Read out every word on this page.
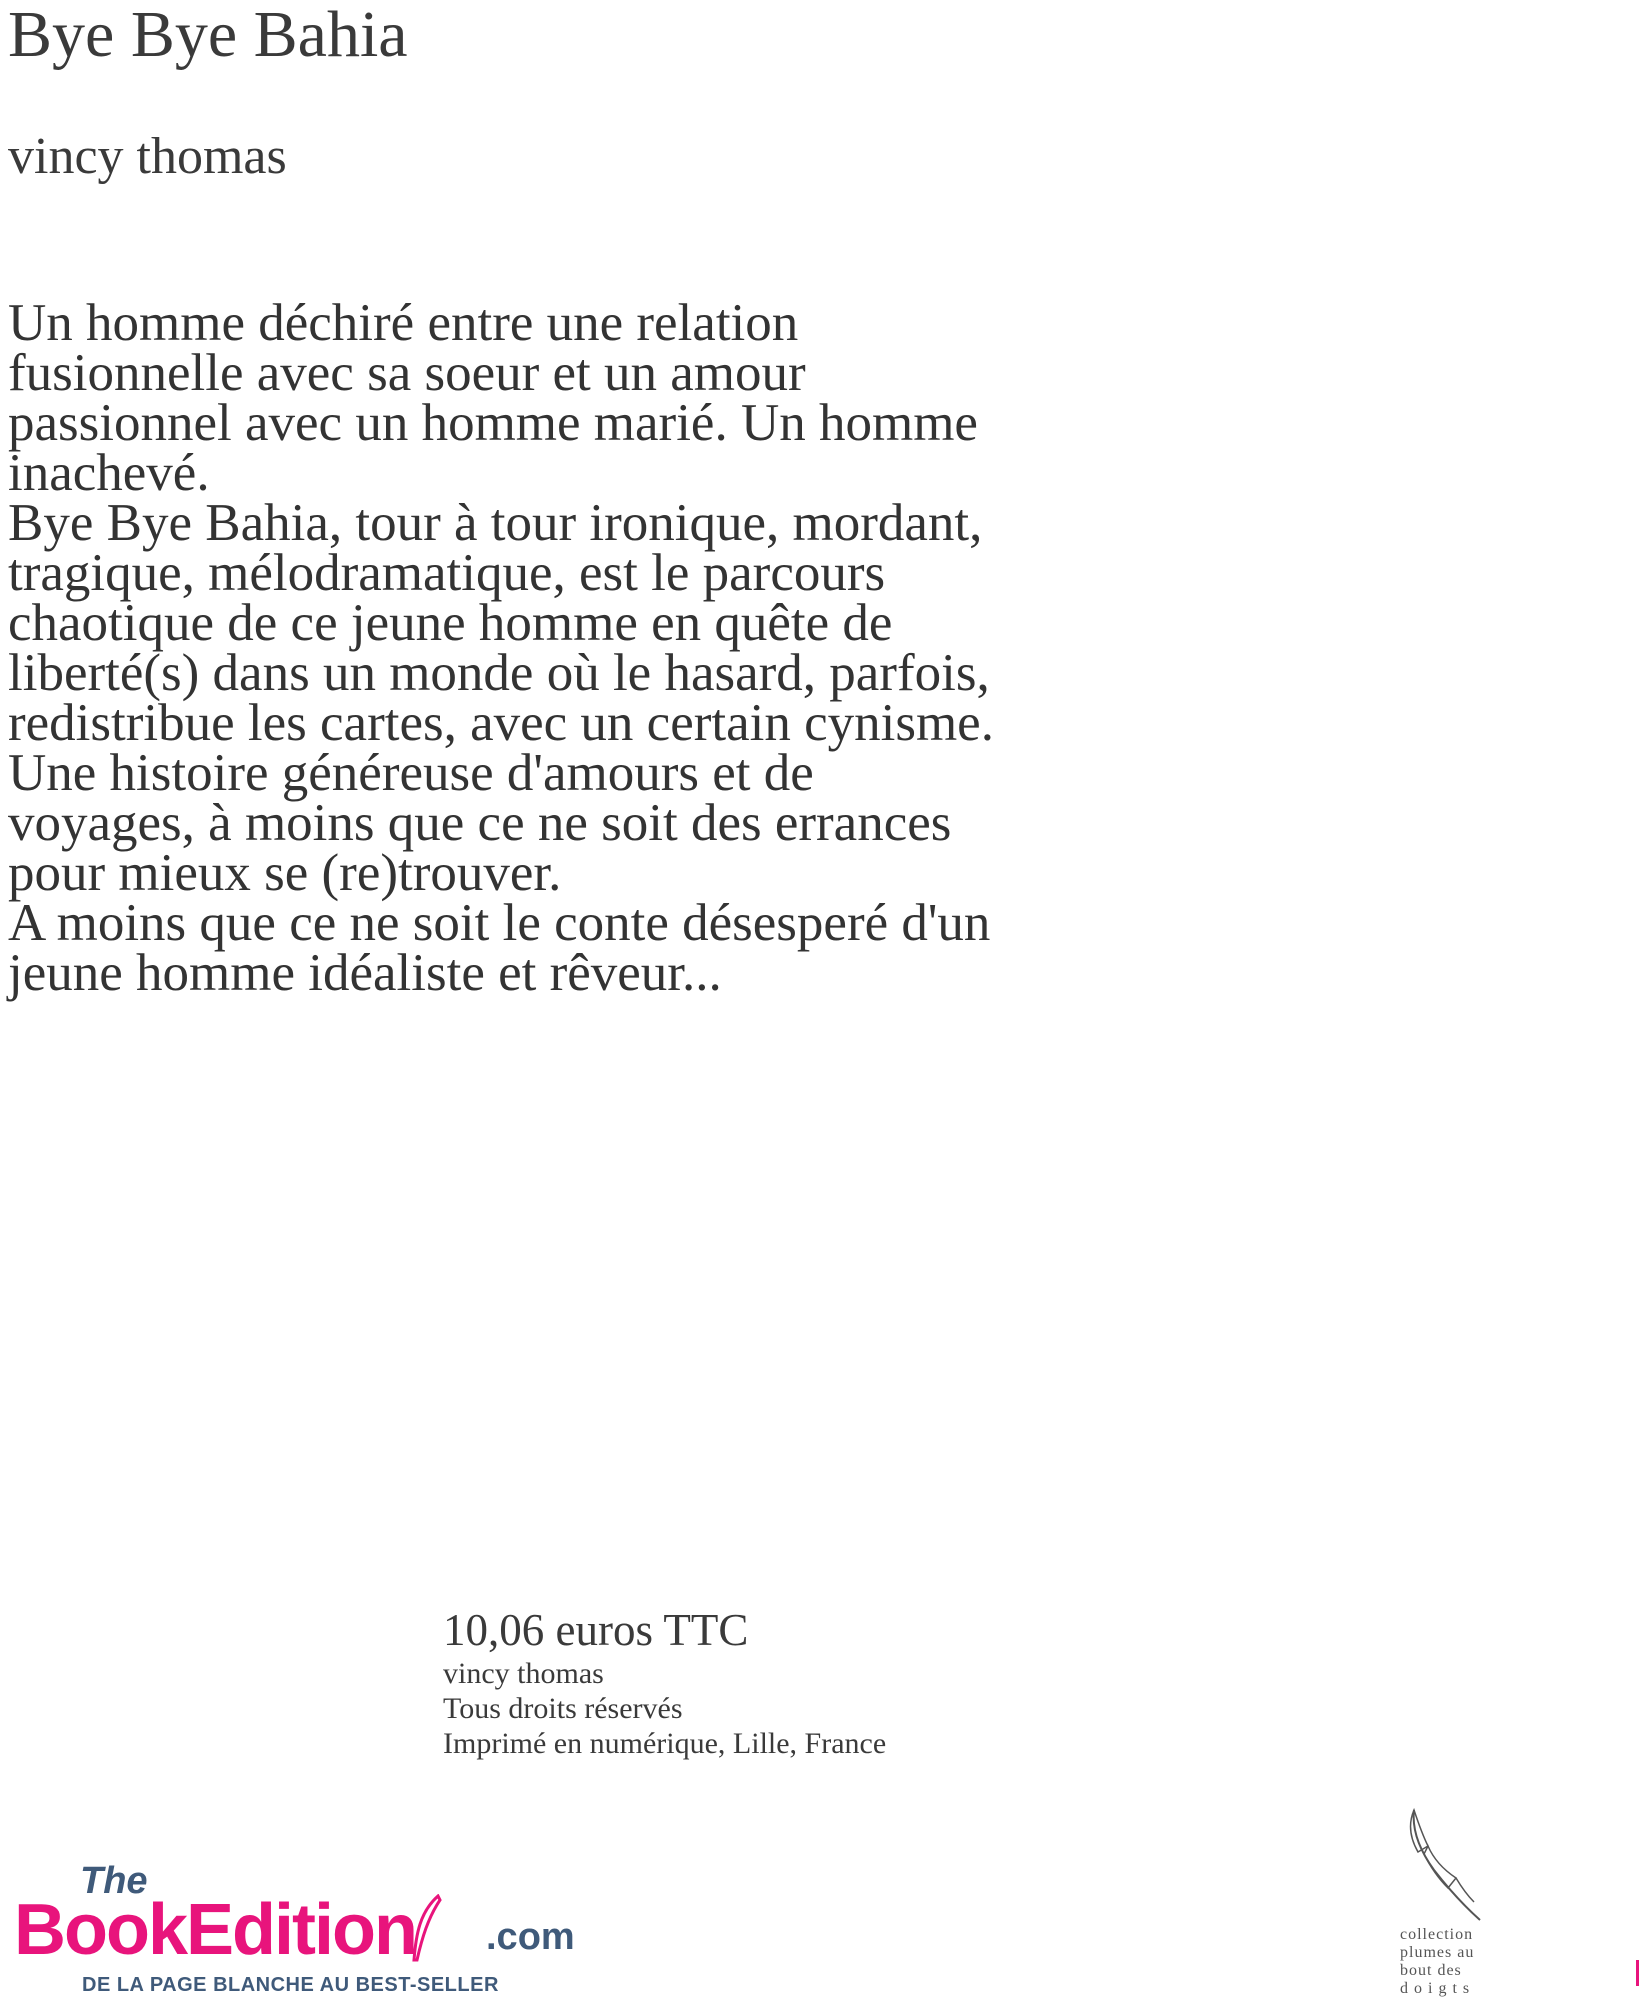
Bye Bye Bahia
vincy thomas

Un homme déchiré entre une relation
fusionnelle avec sa soeur et un amour
passionnel avec un homme marié. Un homme
inachevé.

Bye Bye Bahia, tour à tour ironique, mordant,
tragique, mélodramatique, est le parcours
chaotique de ce jeune homme en quête de
liberté(s) dans un monde où le hasard, parfois,
redistribue les cartes, avec un certain cynisme.

Une histoire généreuse d'amours et de
voyages, à moins que ce ne soit des errances
pour mieux se (re)trouver.

A moins que ce ne soit le conte désesperé d'un
jeune homme idéaliste et rêveur...

10,06 euros TTC
vincy thomas
Tous droits réservés
Imprimé en numérique, Lille, France
The
BookEdition .com
DE LA PAGE BLANCHE AU BEST-SELLER
collection
plumes au
bout des
d o i g t s
